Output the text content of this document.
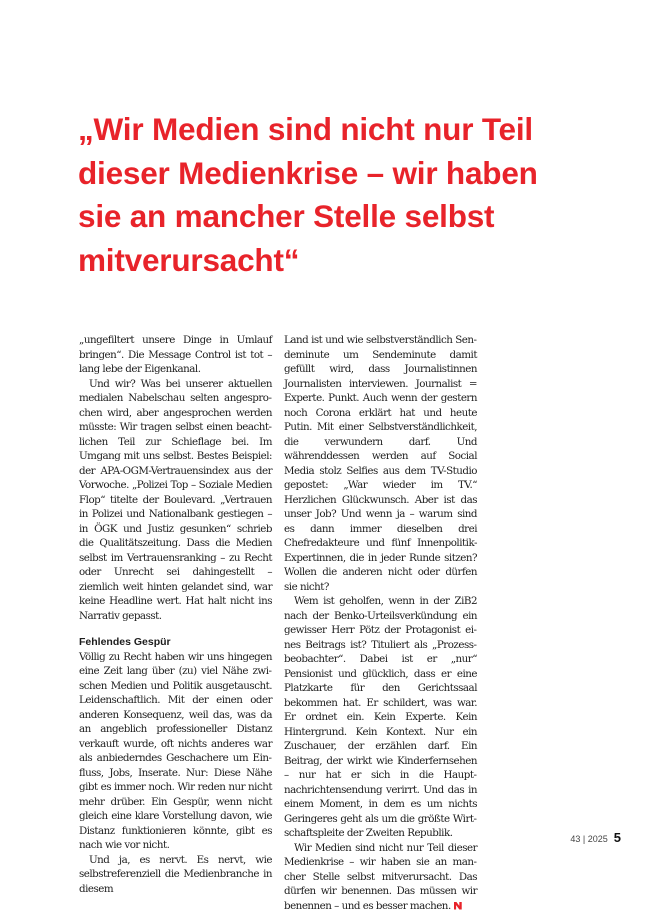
„Wir Medien sind nicht nur Teil
dieser Medienkrise – wir haben
sie an mancher Stelle selbst
mitverursacht“

„ungefiltert unsere Dinge in Umlauf bringen“. Die Message Control ist tot – lang lebe der Eigenkanal.

Und wir? Was bei unserer aktuellen medialen Nabelschau selten angesprochen wird, aber angesprochen werden müsste: Wir tragen selbst einen beachtlichen Teil zur Schieflage bei. Im Umgang mit uns selbst. Bestes Beispiel: der APA-OGM-Vertrauensindex aus der Vorwoche. „Polizei Top – Soziale Medien Flop“ titelte der Boulevard. „Vertrauen in Polizei und Nationalbank gestiegen – in ÖGK und Justiz gesunken“ schrieb die Qualitätszeitung. Dass die Medien selbst im Vertrauensranking – zu Recht oder Unrecht sei dahingestellt – ziemlich weit hinten gelandet sind, war keine Headline wert. Hat halt nicht ins Narrativ gepasst.

Fehlendes Gespür

Völlig zu Recht haben wir uns hingegen eine Zeit lang über (zu) viel Nähe zwischen Medien und Politik ausgetauscht. Leidenschaftlich. Mit der einen oder anderen Konsequenz, weil das, was da an angeblich professioneller Distanz verkauft wurde, oft nichts anderes war als anbiederndes Geschachere um Einfluss, Jobs, Inserate. Nur: Diese Nähe gibt es immer noch. Wir reden nur nicht mehr drüber. Ein Gespür, wenn nicht gleich eine klare Vorstellung davon, wie Distanz funktionieren könnte, gibt es nach wie vor nicht.

Und ja, es nervt. Es nervt, wie selbstreferenziell die Medienbranche in diesem

Land ist und wie selbstverständlich Sendeminute um Sendeminute damit gefüllt wird, dass Journalistinnen Journalisten interviewen. Journalist = Experte. Punkt. Auch wenn der gestern noch Corona erklärt hat und heute Putin. Mit einer Selbstverständlichkeit, die verwundern darf. Und währenddessen werden auf Social Media stolz Selfies aus dem TV-Studio gepostet: „War wieder im TV.“ Herzlichen Glückwunsch. Aber ist das unser Job? Und wenn ja – warum sind es dann immer dieselben drei Chefredakteure und fünf Innenpolitik-Expertinnen, die in jeder Runde sitzen? Wollen die anderen nicht oder dürfen sie nicht?

Wem ist geholfen, wenn in der ZiB2 nach der Benko-Urteilsverkündung ein gewisser Herr Pötz der Protagonist eines Beitrags ist? Tituliert als „Prozessbeobachter“. Dabei ist er „nur“ Pensionist und glücklich, dass er eine Platzkarte für den Gerichtssaal bekommen hat. Er schildert, was war. Er ordnet ein. Kein Experte. Kein Hintergrund. Kein Kontext. Nur ein Zuschauer, der erzählen darf. Ein Beitrag, der wirkt wie Kinderfernsehen – nur hat er sich in die Hauptnachrichtensendung verirrt. Und das in einem Moment, in dem es um nichts Geringeres geht als um die größte Wirtschaftspleite der Zweiten Republik.

Wir Medien sind nicht nur Teil dieser Medienkrise – wir haben sie an mancher Stelle selbst mitverursacht. Das dürfen wir benennen. Das müssen wir benennen – und es besser machen.

43 | 2025 5
